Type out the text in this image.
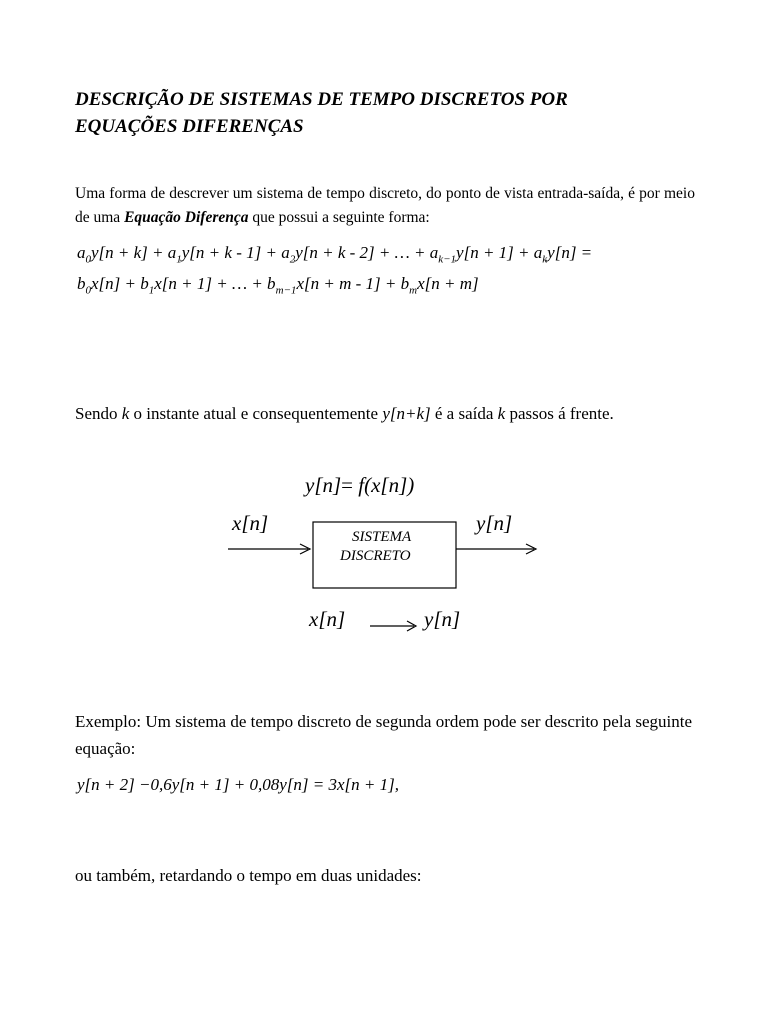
DESCRIÇÃO DE SISTEMAS DE TEMPO DISCRETOS POR
EQUAÇÕES DIFERENÇAS
Uma forma de descrever um sistema de tempo discreto, do ponto de vista entrada-saída, é por meio de uma Equação Diferença que possui a seguinte forma:
$a_0y[n + k] + a_1y[n + k - 1] + a_2y[n + k - 2]$ + … + $a_{k-1}y[n + 1] + a_ky[n]$ =
$b_0x[n] + b_1x[n + 1]$ + … + $b_{m-1}x[n + m - 1] + b_mx[n + m]$
Sendo k o instante atual e consequentemente y[n+k] é a saída k passos á frente.
y[n]= f(x[n])
x[n]
SISTEMA
DISCRETO
y[n]
x[n]	y[n]
Exemplo: Um sistema de tempo discreto de segunda ordem pode ser descrito pela seguinte equação:
y[n + 2] −0,6y[n + 1] + 0,08y[n] = 3x[n + 1],
ou também, retardando o tempo em duas unidades:
